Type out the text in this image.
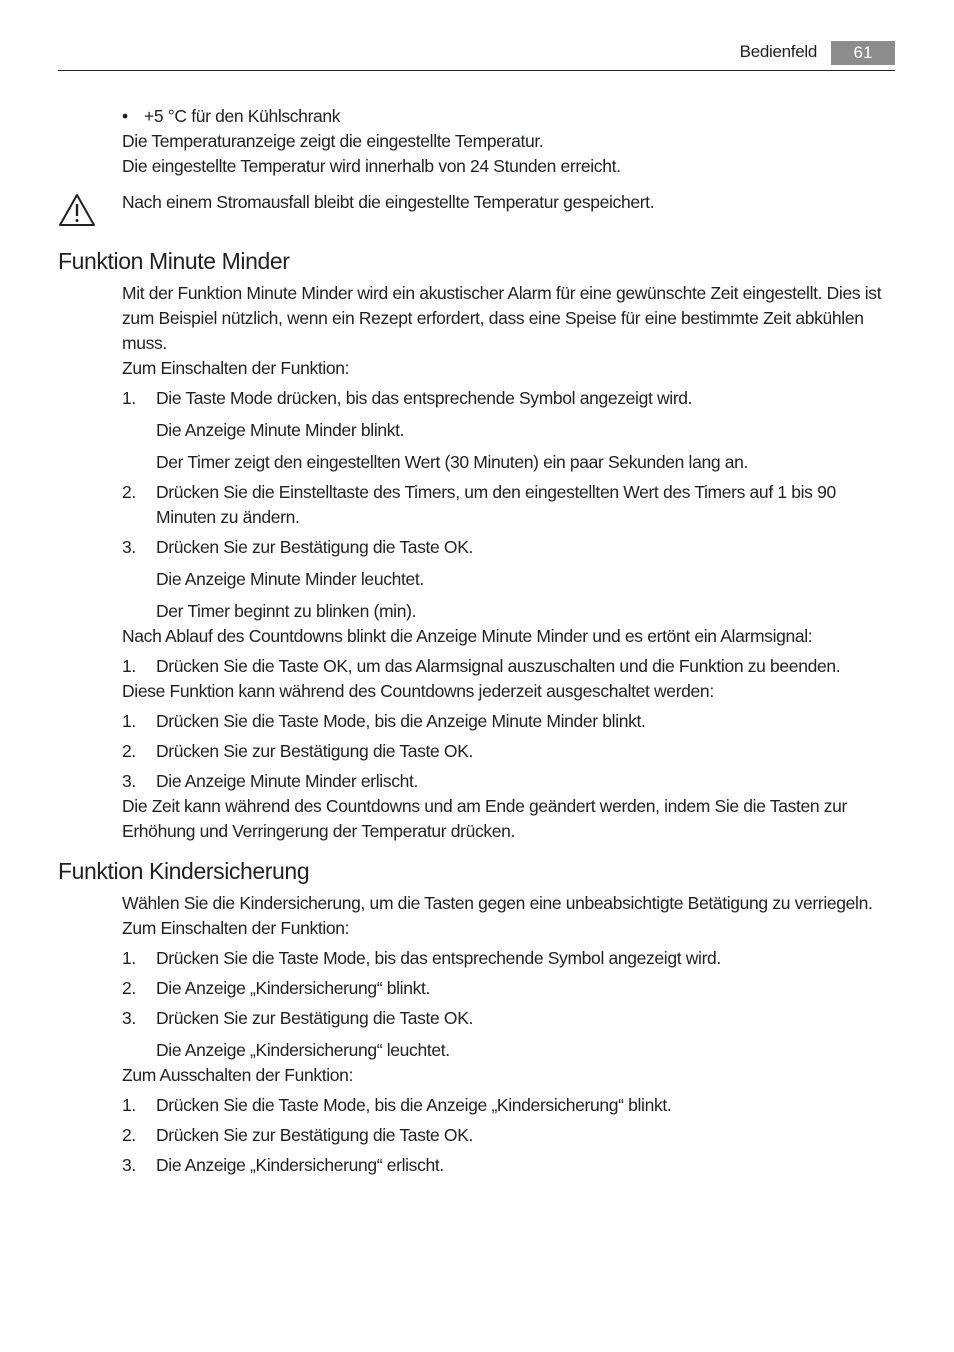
Bedienfeld	61
• +5 °C für den Kühlschrank

Die Temperaturanzeige zeigt die eingestellte Temperatur.

Die eingestellte Temperatur wird innerhalb von 24 Stunden erreicht.

Nach einem Stromausfall bleibt die eingestellte Temperatur gespeichert.

Funktion Minute Minder

Mit der Funktion Minute Minder wird ein akustischer Alarm für eine gewünschte Zeit eingestellt. Dies ist zum Beispiel nützlich, wenn ein Rezept erfordert, dass eine Speise für eine bestimmte Zeit abkühlen muss.

Zum Einschalten der Funktion:

1. Die Taste Mode drücken, bis das entsprechende Symbol angezeigt wird.

Die Anzeige Minute Minder blinkt.

Der Timer zeigt den eingestellten Wert (30 Minuten) ein paar Sekunden lang an.

2. Drücken Sie die Einstelltaste des Timers, um den eingestellten Wert des Timers auf 1 bis 90 Minuten zu ändern.
3. Drücken Sie zur Bestätigung die Taste OK.

Die Anzeige Minute Minder leuchtet.

Der Timer beginnt zu blinken (min).

Nach Ablauf des Countdowns blinkt die Anzeige Minute Minder und es ertönt ein Alarmsignal:

1. Drücken Sie die Taste OK, um das Alarmsignal auszuschalten und die Funktion zu beenden.

Diese Funktion kann während des Countdowns jederzeit ausgeschaltet werden:

1. Drücken Sie die Taste Mode, bis die Anzeige Minute Minder blinkt.
2. Drücken Sie zur Bestätigung die Taste OK.
3. Die Anzeige Minute Minder erlischt.

Die Zeit kann während des Countdowns und am Ende geändert werden, indem Sie die Tasten zur Erhöhung und Verringerung der Temperatur drücken.

Funktion Kindersicherung

Wählen Sie die Kindersicherung, um die Tasten gegen eine unbeabsichtigte Betätigung zu verriegeln.

Zum Einschalten der Funktion:

1. Drücken Sie die Taste Mode, bis das entsprechende Symbol angezeigt wird.
2. Die Anzeige „Kindersicherung“ blinkt.
3. Drücken Sie zur Bestätigung die Taste OK.

Die Anzeige „Kindersicherung“ leuchtet.

Zum Ausschalten der Funktion:

1. Drücken Sie die Taste Mode, bis die Anzeige „Kindersicherung“ blinkt.
2. Drücken Sie zur Bestätigung die Taste OK.
3. Die Anzeige „Kindersicherung“ erlischt.
